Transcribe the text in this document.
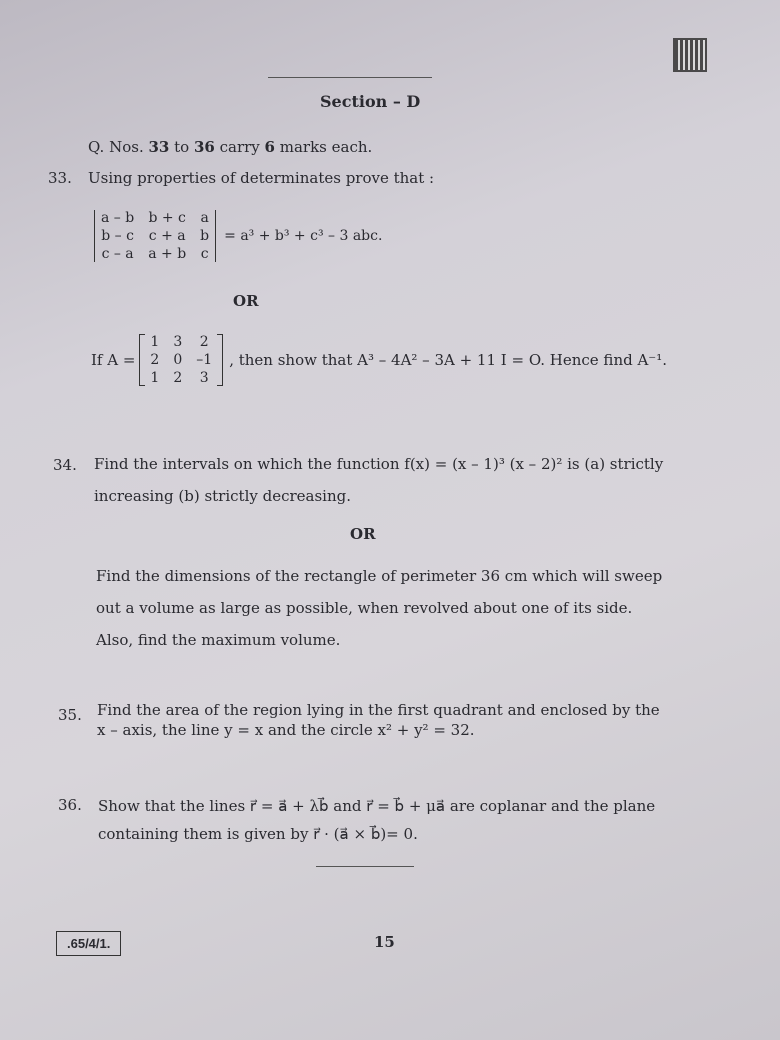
Section – D
Q. Nos. 33 to 36 carry 6 marks each.
33. Using properties of determinates prove that :
a – b b + c a
b – c c + a b
c – a a + b c
= a³ + b³ + c³ – 3 abc.
OR
If A =
1 3 2
2 0 –1
1 2 3
, then show that A³ – 4A² – 3A + 11 I = O. Hence find A⁻¹.
34. Find the intervals on which the function f(x) = (x – 1)³ (x – 2)² is (a) strictly
increasing (b) strictly decreasing.
OR
Find the dimensions of the rectangle of perimeter 36 cm which will sweep
out a volume as large as possible, when revolved about one of its side.
Also, find the maximum volume.
35. Find the area of the region lying in the first quadrant and enclosed by the
x – axis, the line y = x and the circle x² + y² = 32.
36. Show that the lines r⃗ = a⃗ + λb⃗ and r⃗ = b⃗ + μa⃗ are coplanar and the plane
containing them is given by r⃗ · (a⃗ × b⃗)= 0.
.65/4/1.	15
